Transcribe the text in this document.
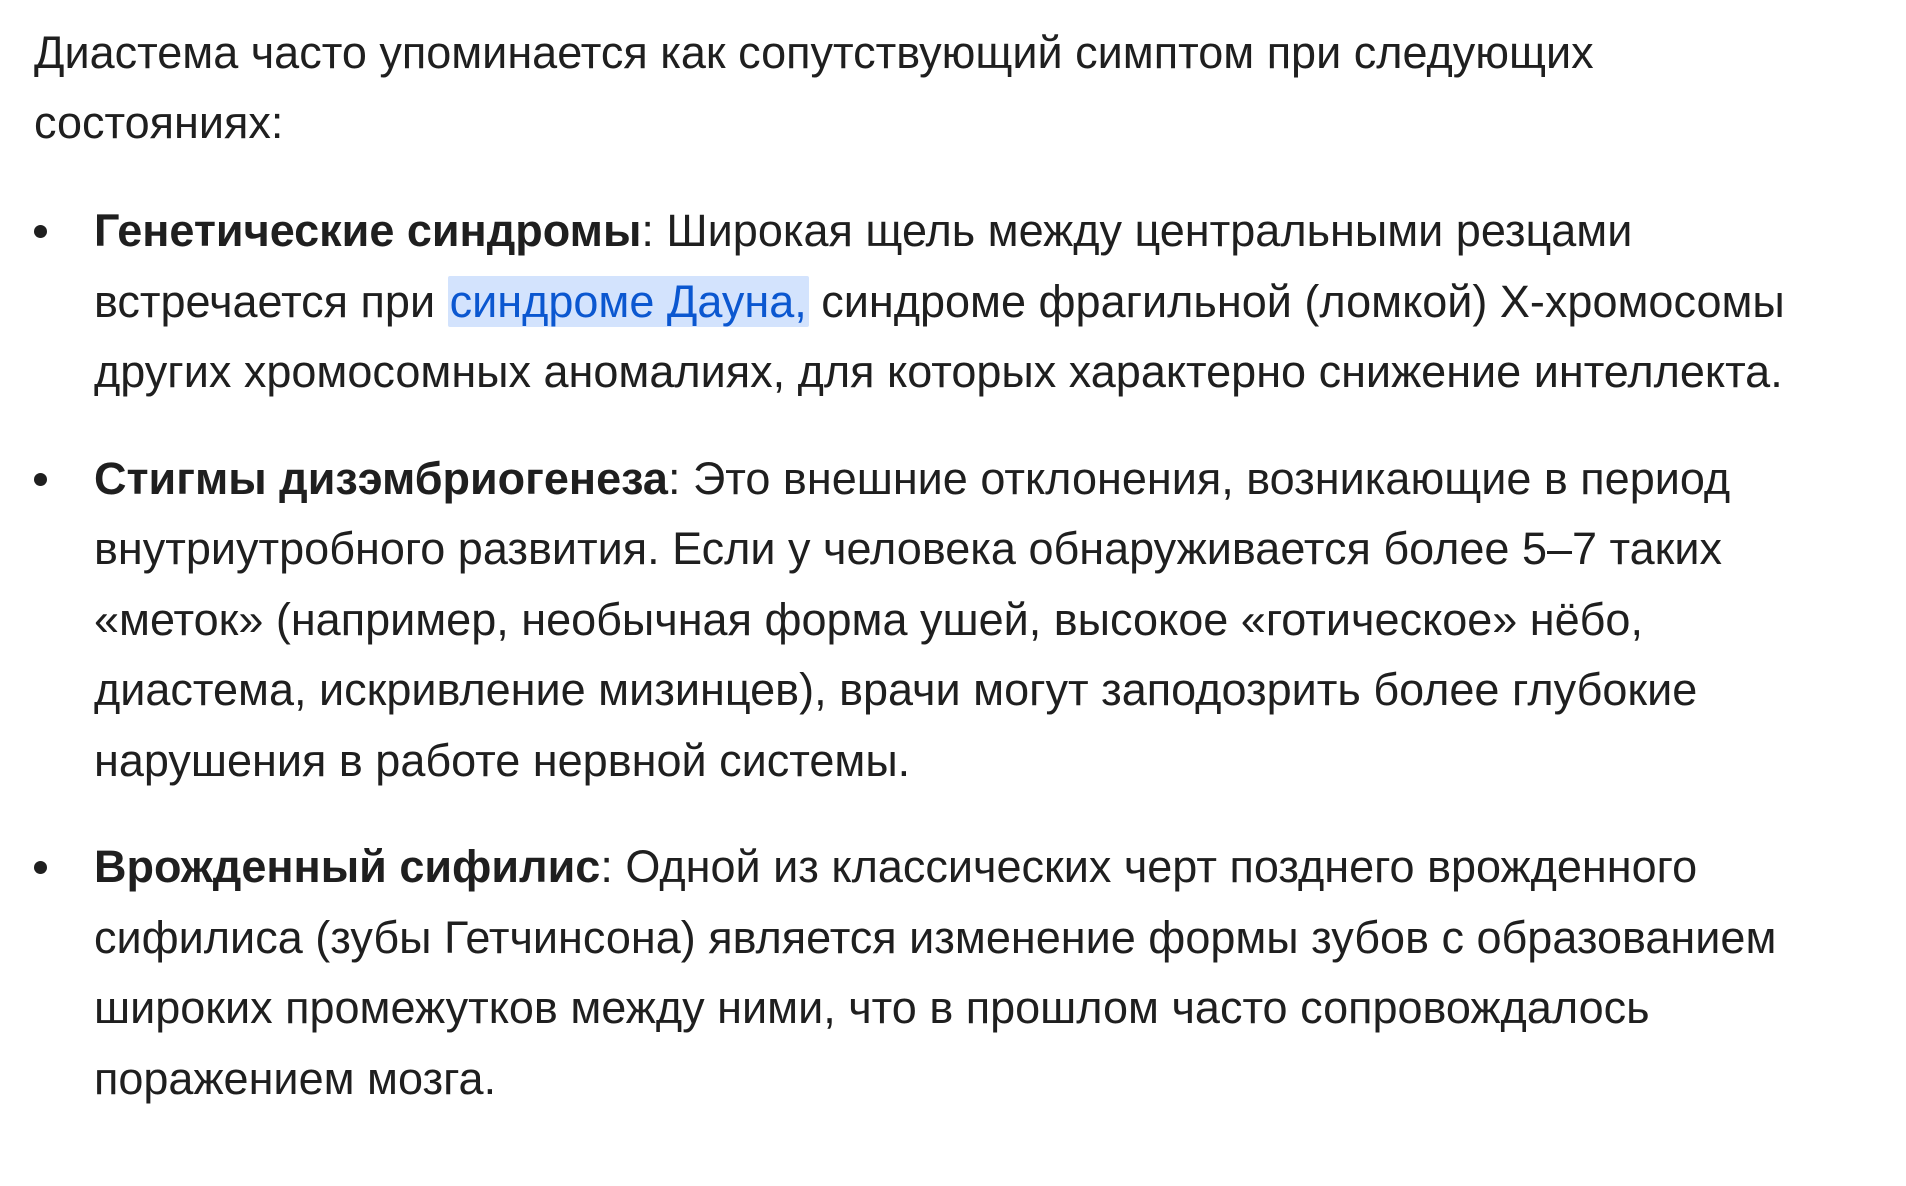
Диастема часто упоминается как сопутствующий симптом при следующих
состояниях:

Генетические синдромы: Широкая щель между центральными резцами
встречается при синдроме Дауна, синдроме фрагильной (ломкой) Х-хромосомы
других хромосомных аномалиях, для которых характерно снижение интеллекта.
Стигмы дизэмбриогенеза: Это внешние отклонения, возникающие в период
внутриутробного развития. Если у человека обнаруживается более 5–7 таких
«меток» (например, необычная форма ушей, высокое «готическое» нёбо,
диастема, искривление мизинцев), врачи могут заподозрить более глубокие
нарушения в работе нервной системы.
Врожденный сифилис: Одной из классических черт позднего врожденного
сифилиса (зубы Гетчинсона) является изменение формы зубов с образованием
широких промежутков между ними, что в прошлом часто сопровождалось
поражением мозга.
